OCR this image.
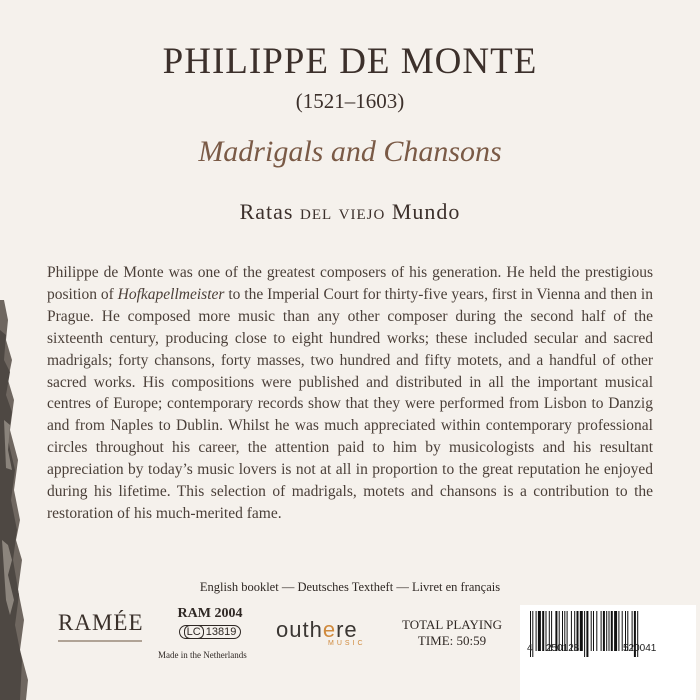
PHILIPPE DE MONTE
(1521–1603)
Madrigals and Chansons
Ratas del viejo Mundo
Philippe de Monte was one of the greatest composers of his generation. He held the prestigious position of Hofkapellmeister to the Imperial Court for thirty-five years, first in Vienna and then in Prague. He composed more music than any other composer during the second half of the sixteenth century, producing close to eight hundred works; these included secular and sacred madrigals; forty chansons, forty masses, two hundred and fifty motets, and a handful of other sacred works. His compositions were published and distributed in all the important musical centres of Europe; contemporary records show that they were performed from Lisbon to Danzig and from Naples to Dublin. Whilst he was much appreciated within contemporary professional circles throughout his career, the attention paid to him by musicologists and his resultant appreciation by today’s music lovers is not at all in proportion to the great reputation he enjoyed during his lifetime. This selection of madrigals, motets and chansons is a contribution to the restoration of his much-merited fame.
English booklet — Deutsches Textheft — Livret en français
RAMÉE	RAM 2004
LC 13819
Made in the Netherlands
outhere
MUSIC
TOTAL PLAYING
TIME: 50:59
4 250128	520041
